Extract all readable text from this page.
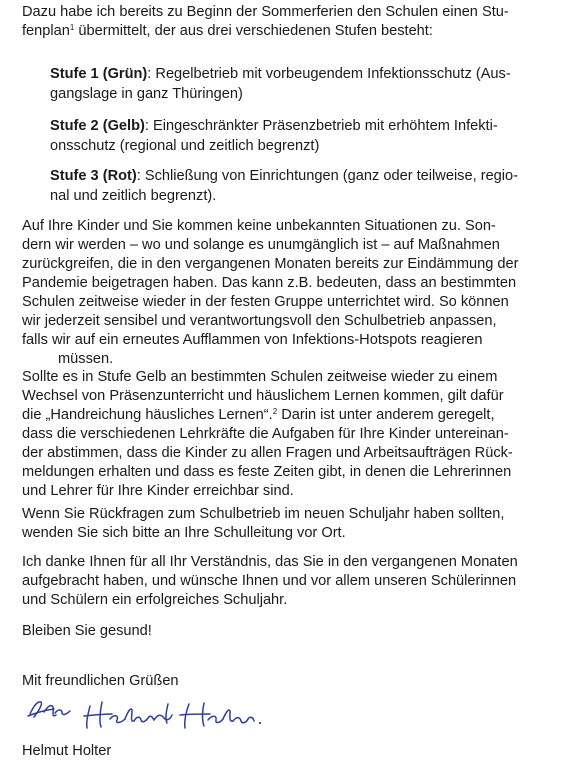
Dazu habe ich bereits zu Beginn der Sommerferien den Schulen einen Stu-
fenplan$^1$ übermittelt, der aus drei verschiedenen Stufen besteht:

Stufe 1 (Grün): Regelbetrieb mit vorbeugendem Infektionsschutz (Aus-
gangslage in ganz Thüringen)

Stufe 2 (Gelb): Eingeschränkter Präsenzbetrieb mit erhöhtem Infekti-
onsschutz (regional und zeitlich begrenzt)

Stufe 3 (Rot): Schließung von Einrichtungen (ganz oder teilweise, regio-
nal und zeitlich begrenzt).

Auf Ihre Kinder und Sie kommen keine unbekannten Situationen zu. Son-
dern wir werden – wo und solange es unumgänglich ist – auf Maßnahmen
zurückgreifen, die in den vergangenen Monaten bereits zur Eindämmung der
Pandemie beigetragen haben. Das kann z.B. bedeuten, dass an bestimmten
Schulen zeitweise wieder in der festen Gruppe unterrichtet wird. So können
wir jederzeit sensibel und verantwortungsvoll den Schulbetrieb anpassen,
falls wir auf ein erneutes Aufflammen von Infektions-Hotspots reagieren
müssen.

Sollte es in Stufe Gelb an bestimmten Schulen zeitweise wieder zu einem
Wechsel von Präsenzunterricht und häuslichem Lernen kommen, gilt dafür
die „Handreichung häusliches Lernen“.$^2$ Darin ist unter anderem geregelt,
dass die verschiedenen Lehrkräfte die Aufgaben für Ihre Kinder untereinan-
der abstimmen, dass die Kinder zu allen Fragen und Arbeitsaufträgen Rück-
meldungen erhalten und dass es feste Zeiten gibt, in denen die Lehrerinnen
und Lehrer für Ihre Kinder erreichbar sind.

Wenn Sie Rückfragen zum Schulbetrieb im neuen Schuljahr haben sollten,
wenden Sie sich bitte an Ihre Schulleitung vor Ort.

Ich danke Ihnen für all Ihr Verständnis, das Sie in den vergangenen Monaten
aufgebracht haben, und wünsche Ihnen und vor allem unseren Schülerinnen
und Schülern ein erfolgreiches Schuljahr.

Bleiben Sie gesund!

Mit freundlichen Grüßen

Helmut Holter
